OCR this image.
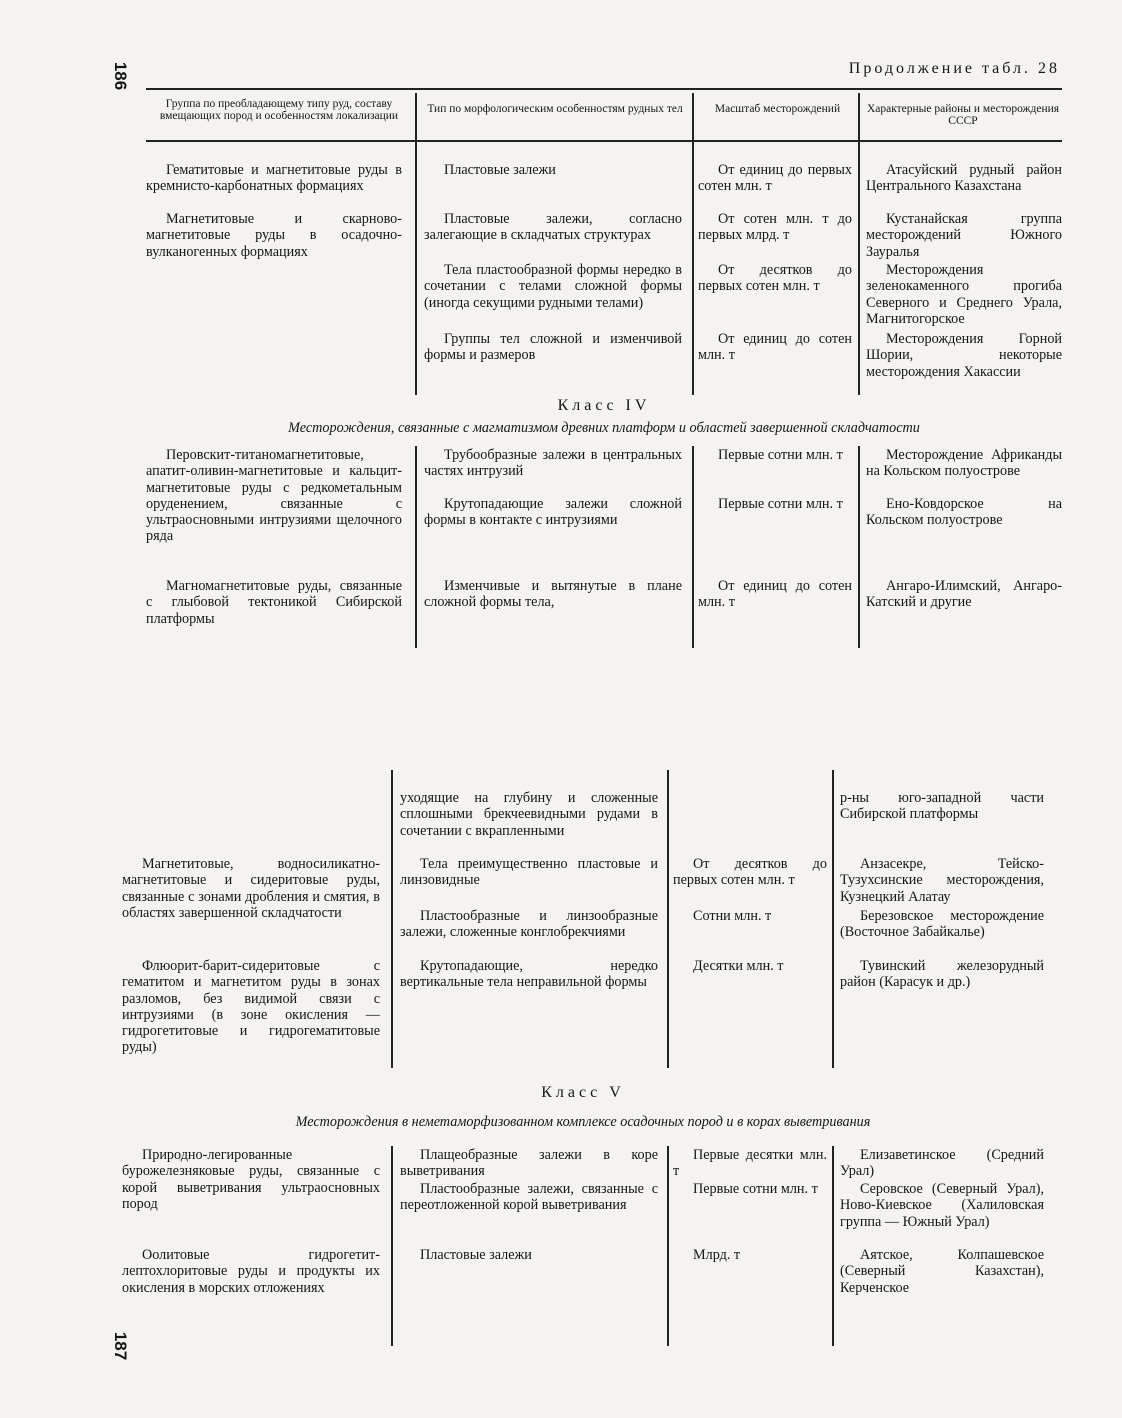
186
187
Продолжение табл. 28
Группа по преобладающему типу руд, составу вмещающих пород и особенностям локализации
Тип по морфологическим особенностям рудных тел	Масштаб месторождений	Характерные районы и месторождения СССР
Гематитовые и магнетитовые руды в кремнисто-карбонатных формациях
Магнетитовые и скарново-магнетитовые руды в осадочно-вулканогенных формациях
Пластовые залежи
Пластовые залежи, согласно залегающие в складчатых структурах
Тела пластообразной формы нередко в сочетании с телами сложной формы (иногда секущими рудными телами)
Группы тел сложной и изменчивой формы и размеров
От единиц до первых сотен млн. т
От сотен млн. т до первых млрд. т
От десятков до первых сотен млн. т
От единиц до сотен млн. т
Атасуйский рудный район Центрального Казахстана
Кустанайская группа месторождений Южного Зауралья
Месторождения зеленокаменного прогиба Северного и Среднего Урала, Магнитогорское
Месторождения Горной Шории, некоторые месторождения Хакассии
Класс IV
Месторождения, связанные с магматизмом древних платформ и областей завершенной складчатости
Перовскит-титаномагнетитовые, апатит-оливин-магнетитовые и кальцит-магнетитовые руды с редкометальным оруденением, связанные с ультраосновными интрузиями щелочного ряда
Магномагнетитовые руды, связанные с глыбовой тектоникой Сибирской платформы
Трубообразные залежи в центральных частях интрузий
Крутопадающие залежи сложной формы в контакте с интрузиями
Изменчивые и вытянутые в плане сложной формы тела,
Первые сотни млн. т
Первые сотни млн. т
От единиц до сотен млн. т
Месторождение Африканды на Кольском полуострове
Ено-Ковдорское на Кольском полуострове
Ангаро-Илимский, Ангаро-Катский и другие
Магнетитовые, водносиликатно-магнетитовые и сидеритовые руды, связанные с зонами дробления и смятия, в областях завершенной складчатости
Флюорит-барит-сидеритовые с гематитом и магнетитом руды в зонах разломов, без видимой связи с интрузиями (в зоне окисления — гидрогетитовые и гидрогематитовые руды)
уходящие на глубину и сложенные сплошными брекчеевидными рудами в сочетании с вкрапленными
Тела преимущественно пластовые и линзовидные
Пластообразные и линзообразные залежи, сложенные конглобрекчиями
Крутопадающие, нередко вертикальные тела неправильной формы
От десятков до первых сотен млн. т
Сотни млн. т
Десятки млн. т
р-ны юго-западной части Сибирской платформы
Анзасекре, Тейско-Тузухсинские месторождения, Кузнецкий Алатау
Березовское месторождение (Восточное Забайкалье)
Тувинский железорудный район (Карасук и др.)
Класс V
Месторождения в неметаморфизованном комплексе осадочных пород и в корах выветривания
Природно-легированные бурожелезняковые руды, связанные с корой выветривания ультраосновных пород
Оолитовые гидрогетит-лептохлоритовые руды и продукты их окисления в морских отложениях
Плащеобразные залежи в коре выветривания
Пластообразные залежи, связанные с переотложенной корой выветривания
Пластовые залежи
Первые десятки млн. т
Первые сотни млн. т
Млрд. т
Елизаветинское (Средний Урал)
Серовское (Северный Урал), Ново-Киевское (Халиловская группа — Южный Урал)
Аятское, Колпашевское (Северный Казахстан), Керченское
